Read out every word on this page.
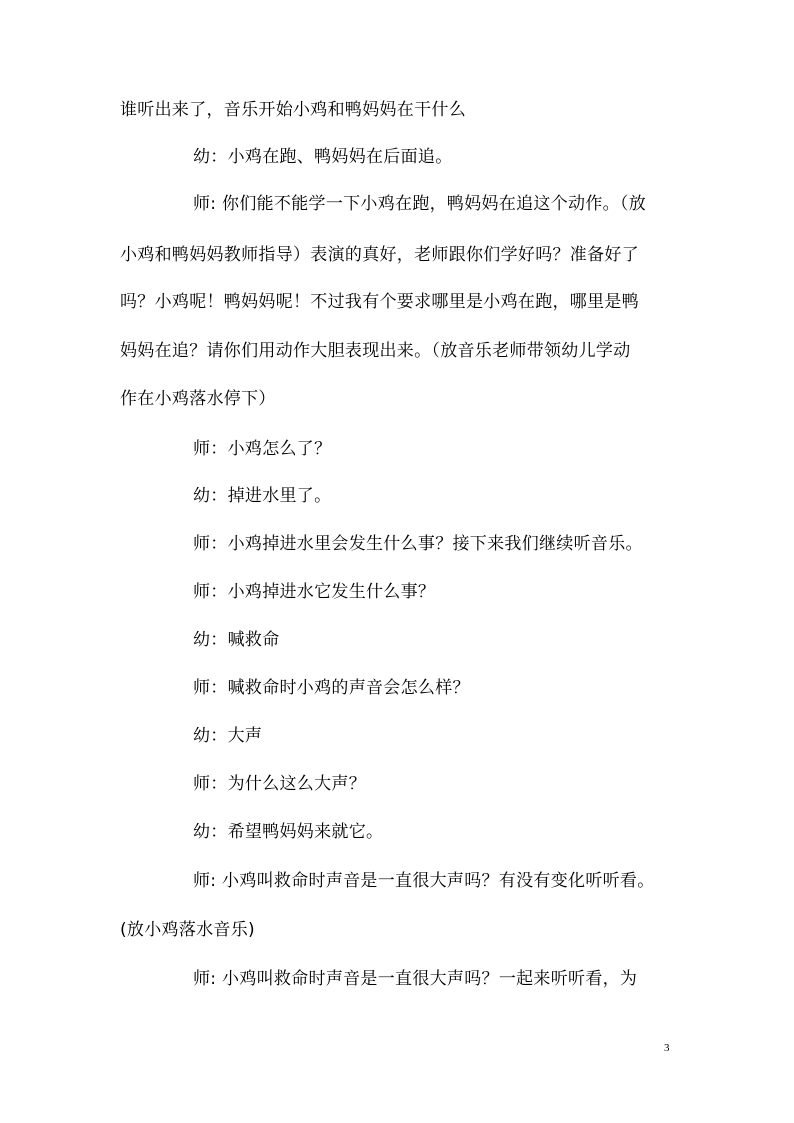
谁听出来了，音乐开始小鸡和鸭妈妈在干什么
幼：小鸡在跑、鸭妈妈在后面追。
师: 你们能不能学一下小鸡在跑，鸭妈妈在追这个动作。（放
小鸡和鸭妈妈教师指导）表演的真好，老师跟你们学好吗？准备好了
吗？小鸡呢！鸭妈妈呢！不过我有个要求哪里是小鸡在跑，哪里是鸭
妈妈在追？请你们用动作大胆表现出来。（放音乐老师带领幼儿学动
作在小鸡落水停下）
师：小鸡怎么了？
幼：掉进水里了。
师：小鸡掉进水里会发生什么事？接下来我们继续听音乐。
师：小鸡掉进水它发生什么事？
幼：喊救命
师：喊救命时小鸡的声音会怎么样？
幼：大声
师：为什么这么大声？
幼：希望鸭妈妈来就它。
师: 小鸡叫救命时声音是一直很大声吗？有没有变化听听看。
(放小鸡落水音乐)
师: 小鸡叫救命时声音是一直很大声吗？一起来听听看，为
3
